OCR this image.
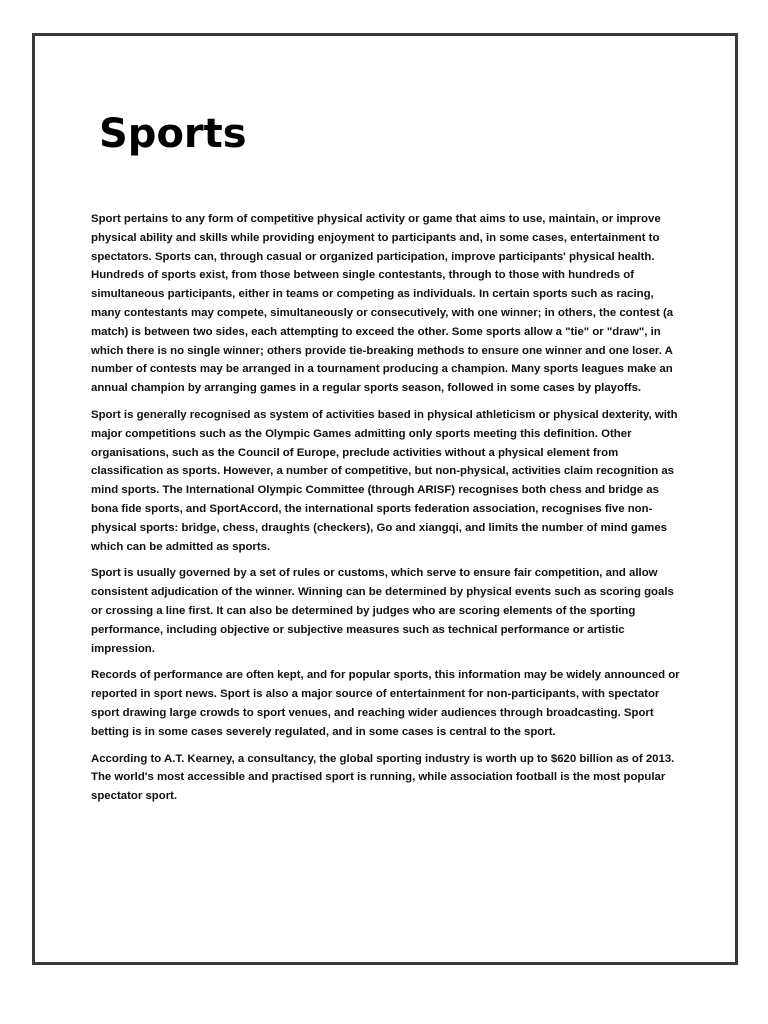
Sports

Sport pertains to any form of competitive physical activity or game that aims to use, maintain, or improve physical ability and skills while providing enjoyment to participants and, in some cases, entertainment to spectators. Sports can, through casual or organized participation, improve participants' physical health. Hundreds of sports exist, from those between single contestants, through to those with hundreds of simultaneous participants, either in teams or competing as individuals. In certain sports such as racing, many contestants may compete, simultaneously or consecutively, with one winner; in others, the contest (a match) is between two sides, each attempting to exceed the other. Some sports allow a "tie" or "draw", in which there is no single winner; others provide tie-breaking methods to ensure one winner and one loser. A number of contests may be arranged in a tournament producing a champion. Many sports leagues make an annual champion by arranging games in a regular sports season, followed in some cases by playoffs.

Sport is generally recognised as system of activities based in physical athleticism or physical dexterity, with major competitions such as the Olympic Games admitting only sports meeting this definition. Other organisations, such as the Council of Europe, preclude activities without a physical element from classification as sports. However, a number of competitive, but non-physical, activities claim recognition as mind sports. The International Olympic Committee (through ARISF) recognises both chess and bridge as bona fide sports, and SportAccord, the international sports federation association, recognises five non-physical sports: bridge, chess, draughts (checkers), Go and xiangqi, and limits the number of mind games which can be admitted as sports.

Sport is usually governed by a set of rules or customs, which serve to ensure fair competition, and allow consistent adjudication of the winner. Winning can be determined by physical events such as scoring goals or crossing a line first. It can also be determined by judges who are scoring elements of the sporting performance, including objective or subjective measures such as technical performance or artistic impression.

Records of performance are often kept, and for popular sports, this information may be widely announced or reported in sport news. Sport is also a major source of entertainment for non-participants, with spectator sport drawing large crowds to sport venues, and reaching wider audiences through broadcasting. Sport betting is in some cases severely regulated, and in some cases is central to the sport.

According to A.T. Kearney, a consultancy, the global sporting industry is worth up to $620 billion as of 2013. The world's most accessible and practised sport is running, while association football is the most popular spectator sport.
